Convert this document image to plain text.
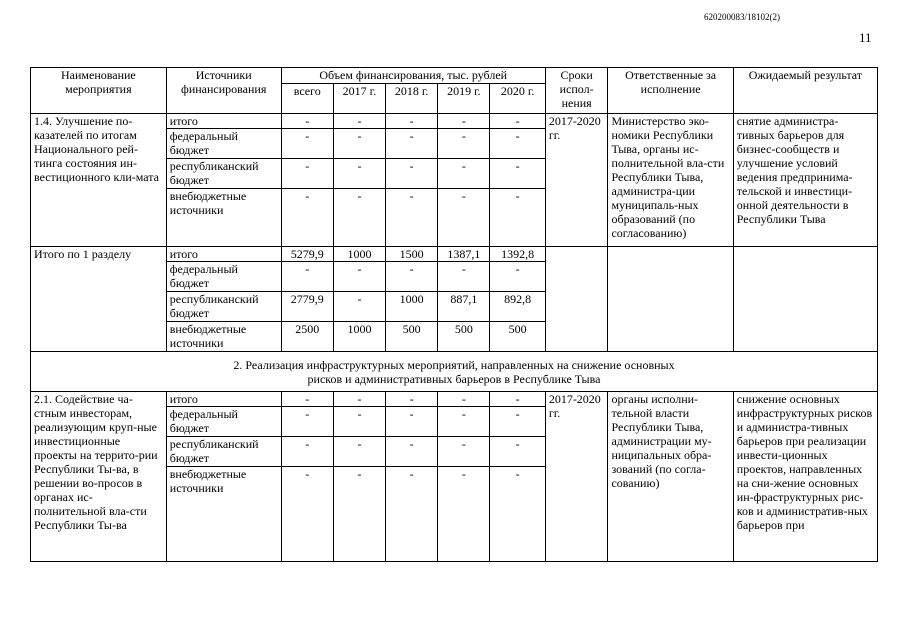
620200083/18102(2)
11
Наименование мероприятия	Источники финансирования	Объем финансирования, тыс. рублей					Сроки испол-нения	Ответственные за исполнение	Ожидаемый результат
		всего	2017 г.	2018 г.	2019 г.	2020 г.			
1.4. Улучшение по-казателей по итогам Национального рей-тинга состояния ин-вестиционного кли-мата	итого	-	-	-	-	-	2017-2020 гг.	Министерство эко-номики Республики Тыва, органы ис-полнительной вла-сти Республики Тыва, администра-ции муниципаль-ных образований (по согласованию)	снятие администра-тивных барьеров для бизнес-сообществ и улучшение условий ведения предпринима-тельской и инвестици-онной деятельности в Республики Тыва
	федеральный бюджет	-	-	-	-	-			
	республиканский бюджет	-	-	-	-	-			
	внебюджетные источники	-	-	-	-	-			
Итого по 1 разделу	итого	5279,9	1000	1500	1387,1	1392,8			
	федеральный бюджет	-	-	-	-	-			
	республиканский бюджет	2779,9	-	1000	887,1	892,8			
	внебюджетные источники	2500	1000	500	500	500			
2. Реализация инфраструктурных мероприятий, направленных на снижение основных рисков и административных барьеров в Республике Тыва									
2.1. Содействие ча-стным инвесторам, реализующим круп-ные инвестиционные проекты на террито-рии Республики Ты-ва, в решении во-просов в органах ис-полнительной вла-сти Республики Ты-ва	итого	-	-	-	-	-	2017-2020 гг.	органы исполни-тельной власти Республики Тыва, администрации му-ниципальных обра-зований (по согла-сованию)	снижение основных инфраструктурных рисков и администра-тивных барьеров при реализации инвести-ционных проектов, направленных на сни-жение основных ин-фраструктурных рис-ков и административ-ных барьеров при
	федеральный бюджет	-	-	-	-	-			
	республиканский бюджет	-	-	-	-	-			
	внебюджетные источники	-	-	-	-	-			
